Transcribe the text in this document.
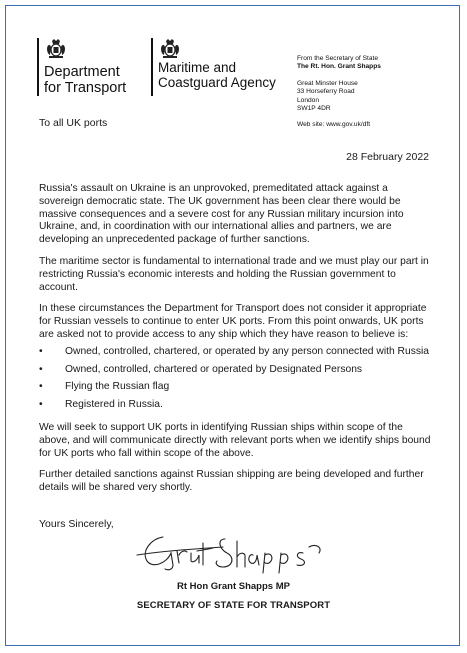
Department
for Transport
Maritime and
Coastguard Agency
From the Secretary of State
The Rt. Hon. Grant Shapps
Great Minster House
33 Horseferry Road
London
SW1P 4DR
Web site: www.gov.uk/dft
To all UK ports
28 February 2022

Russia's assault on Ukraine is an unprovoked, premeditated attack against a sovereign democratic state. The UK government has been clear there would be massive consequences and a severe cost for any Russian military incursion into Ukraine, and, in coordination with our international allies and partners, we are developing an unprecedented package of further sanctions.

The maritime sector is fundamental to international trade and we must play our part in restricting Russia's economic interests and holding the Russian government to account.

In these circumstances the Department for Transport does not consider it appropriate for Russian vessels to continue to enter UK ports. From this point onwards, UK ports are asked not to provide access to any ship which they have reason to believe is:

• Owned, controlled, chartered, or operated by any person connected with Russia
• Owned, controlled, chartered or operated by Designated Persons
• Flying the Russian flag
• Registered in Russia.

We will seek to support UK ports in identifying Russian ships within scope of the above, and will communicate directly with relevant ports when we identify ships bound for UK ports who fall within scope of the above.

Further detailed sanctions against Russian shipping are being developed and further details will be shared very shortly.

Yours Sincerely,
Rt Hon Grant Shapps MP
SECRETARY OF STATE FOR TRANSPORT
